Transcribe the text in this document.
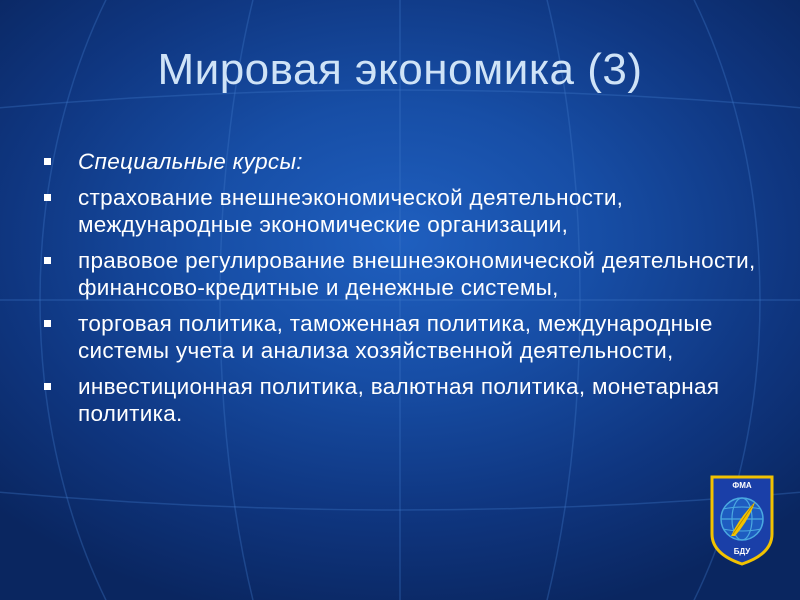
Мировая экономика (3)
Специальные курсы:
страхование внешнеэкономической деятельности, международные экономические организации,
правовое регулирование внешнеэкономической деятельности, финансово-кредитные и денежные системы,
торговая политика, таможенная политика, международные системы учета и анализа хозяйственной деятельности,
инвестиционная политика, валютная политика, монетарная политика.
ФМА
БДУ
